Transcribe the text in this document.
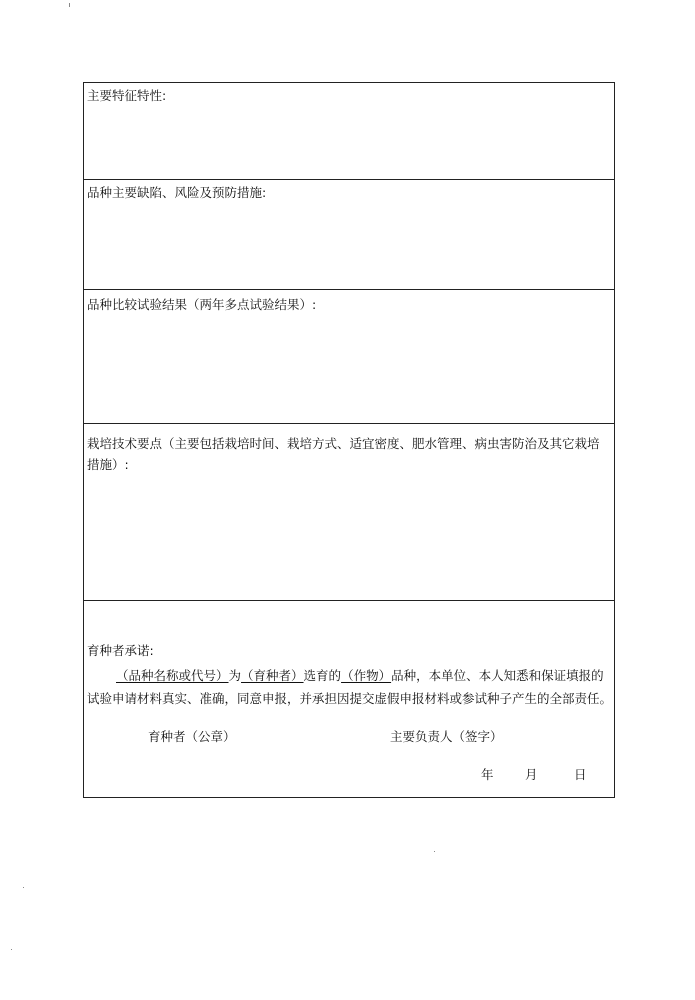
主要特征特性:
品种主要缺陷、风险及预防措施:
品种比较试验结果（两年多点试验结果）:
栽培技术要点（主要包括栽培时间、栽培方式、适宜密度、肥水管理、病虫害防治及其它栽培措施）:
育种者承诺:
（品种名称或代号）为（育种者）选育的（作物）品种，本单位、本人知悉和保证填报的
试验申请材料真实、准确，同意申报，并承担因提交虚假申报材料或参试种子产生的全部责任。
育种者（公章）	主要负责人（签字）
年	月	日
